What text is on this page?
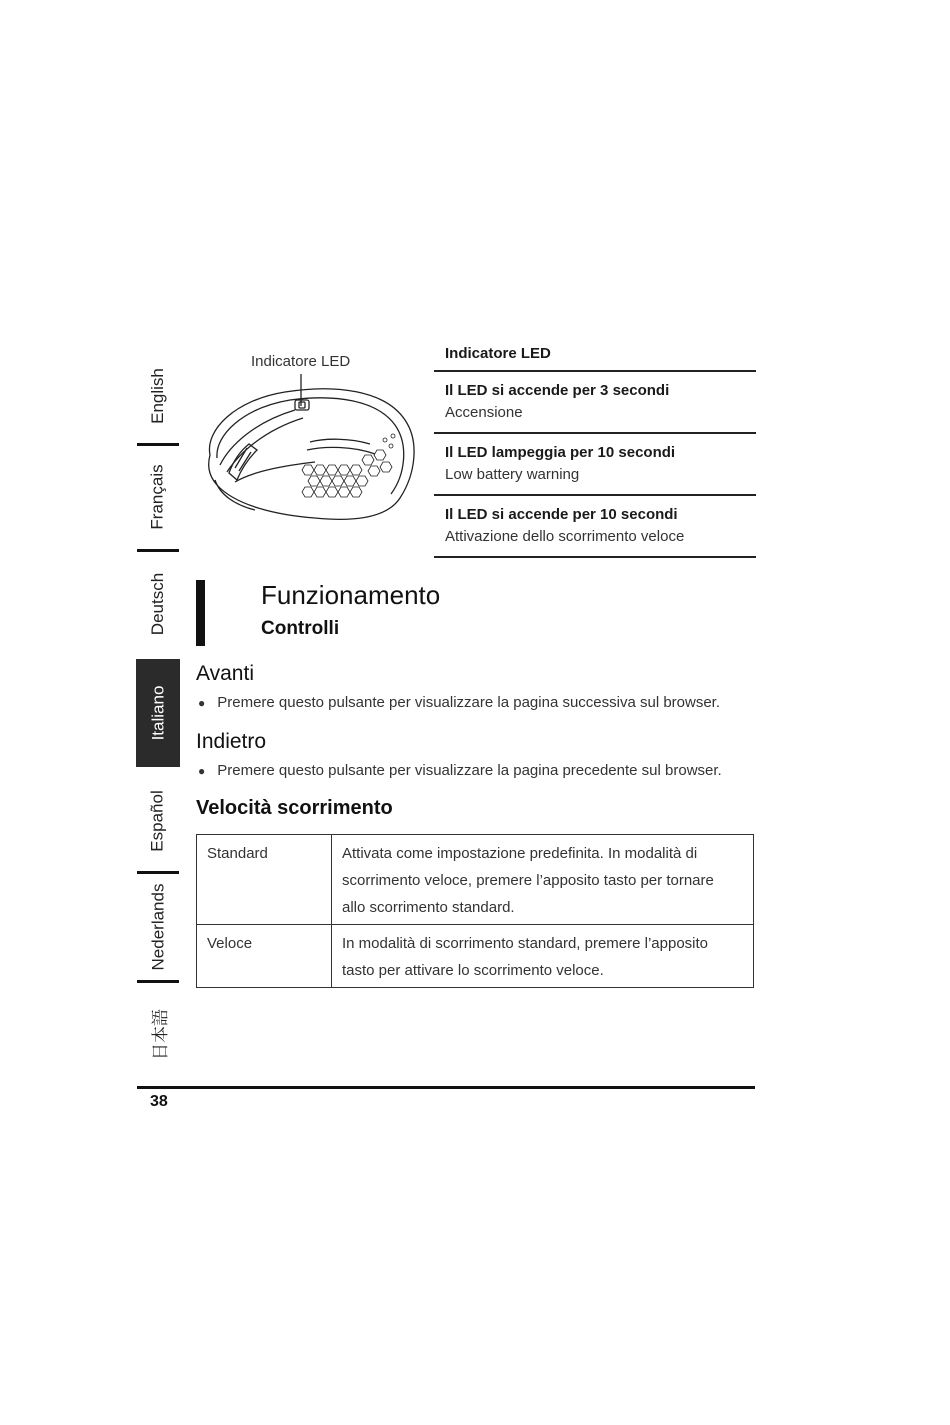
English
Français
Deutsch
Italiano
Español
Nederlands
日本語
Indicatore LED	Indicatore LED
Il LED si accende per 3 secondi
Accensione
Il LED lampeggia per 10 secondi
Low battery warning
Il LED si accende per 10 secondi
Attivazione dello scorrimento veloce
Funzionamento
Controlli
Avanti
● Premere questo pulsante per visualizzare la pagina successiva sul browser.
Indietro
● Premere questo pulsante per visualizzare la pagina precedente sul browser.
Velocità scorrimento
Standard	Attivata come impostazione predefinita. In modalità di scorrimento veloce, premere l’apposito tasto per tornare allo scorrimento standard.
Veloce	In modalità di scorrimento standard, premere l’apposito tasto per attivare lo scorrimento veloce.
38
